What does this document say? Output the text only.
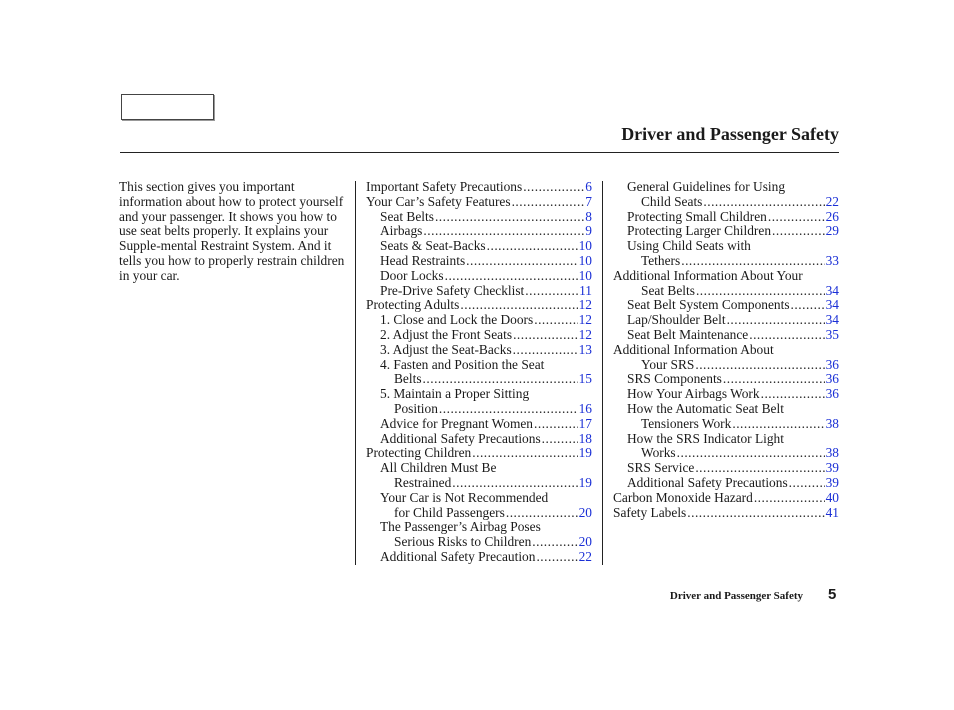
Driver and Passenger Safety
This section gives you important information about how to protect yourself and your passenger. It shows you how to use seat belts properly. It explains your Supple-mental Restraint System. And it tells you how to properly restrain children in your car.
Important Safety Precautions .....	6
Your Car’s Safety Features .....	7
Seat Belts .....	8
Airbags .....	9
Seats & Seat-Backs .....	10
Head Restraints .....	10
Door Locks .....	10
Pre-Drive Safety Checklist .....	11
Protecting Adults .....	12
1. Close and Lock the Doors .....	12
2. Adjust the Front Seats .....	12
3. Adjust the Seat-Backs .....	13
4. Fasten and Position the Seat
Belts .....	15
5. Maintain a Proper Sitting
Position .....	16
Advice for Pregnant Women .....	17
Additional Safety Precautions .....	18
Protecting Children .....	19
All Children Must Be
Restrained .....	19
Your Car is Not Recommended
for Child Passengers .....	20
The Passenger’s Airbag Poses
Serious Risks to Children .....	20
Additional Safety Precaution .....	22
General Guidelines for Using
Child Seats .....	22
Protecting Small Children .....	26
Protecting Larger Children .....	29
Using Child Seats with
Tethers .....	33
Additional Information About Your
Seat Belts .....	34
Seat Belt System Components .....	34
Lap/Shoulder Belt .....	34
Seat Belt Maintenance .....	35
Additional Information About
Your SRS .....	36
SRS Components .....	36
How Your Airbags Work .....	36
How the Automatic Seat Belt
Tensioners Work .....	38
How the SRS Indicator Light
Works .....	38
SRS Service .....	39
Additional Safety Precautions .....	39
Carbon Monoxide Hazard .....	40
Safety Labels .....	41
Driver and Passenger Safety 5
